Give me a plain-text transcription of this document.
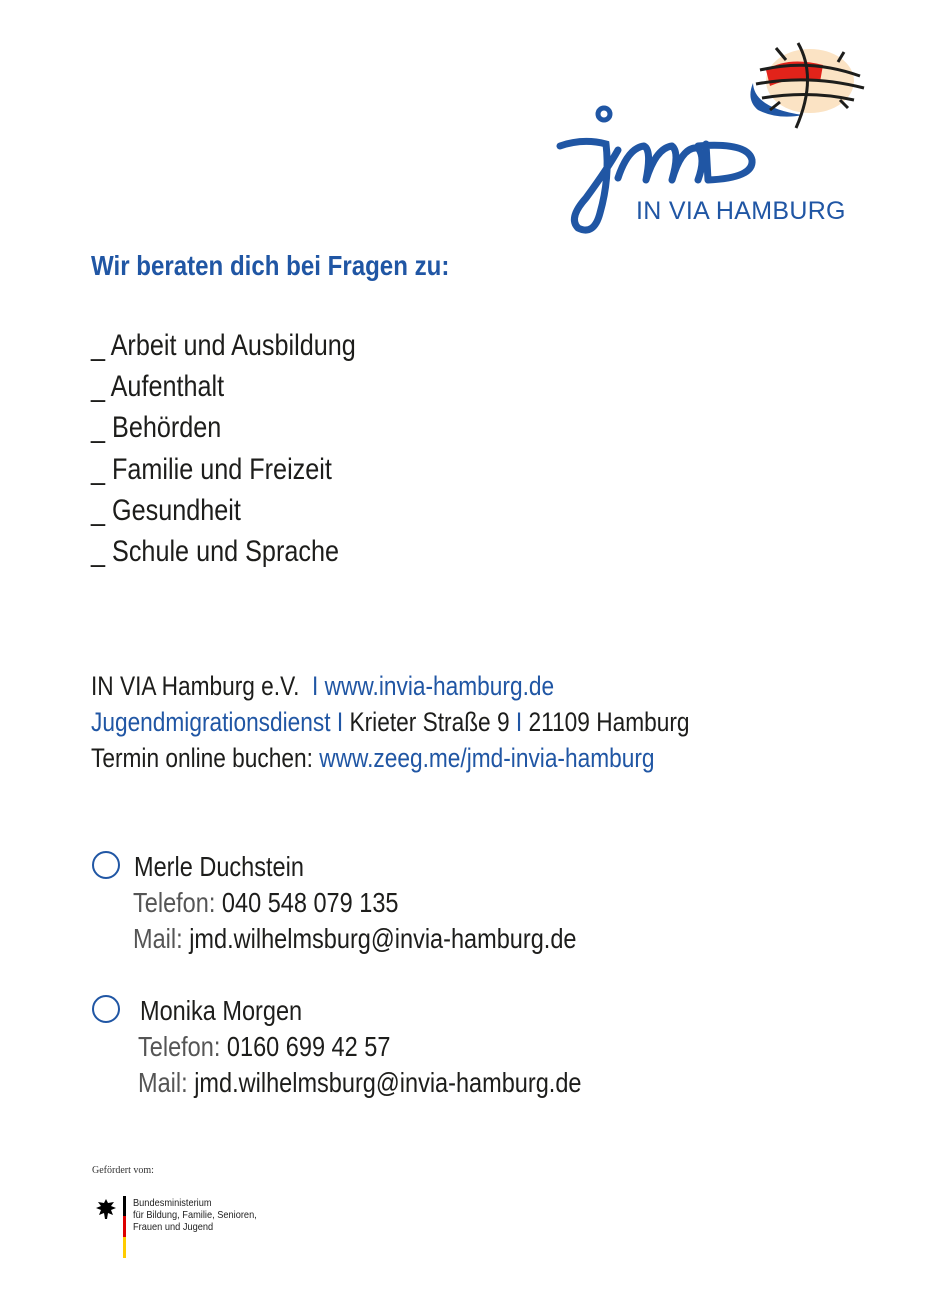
IN VIA HAMBURG
Wir beraten dich bei Fragen zu:
_ Arbeit und Ausbildung
_ Aufenthalt
_ Behörden
_ Familie und Freizeit
_ Gesundheit
_ Schule und Sprache
IN VIA Hamburg e.V. I www.invia-hamburg.de
Jugendmigrationsdienst I Krieter Straße 9 I 21109 Hamburg
Termin online buchen: www.zeeg.me/jmd-invia-hamburg
Merle Duchstein
Telefon: 040 548 079 135
Mail: jmd.wilhelmsburg@invia-hamburg.de
Monika Morgen
Telefon: 0160 699 42 57
Mail: jmd.wilhelmsburg@invia-hamburg.de
Gefördert vom:
Bundesministerium
für Bildung, Familie, Senioren,
Frauen und Jugend
